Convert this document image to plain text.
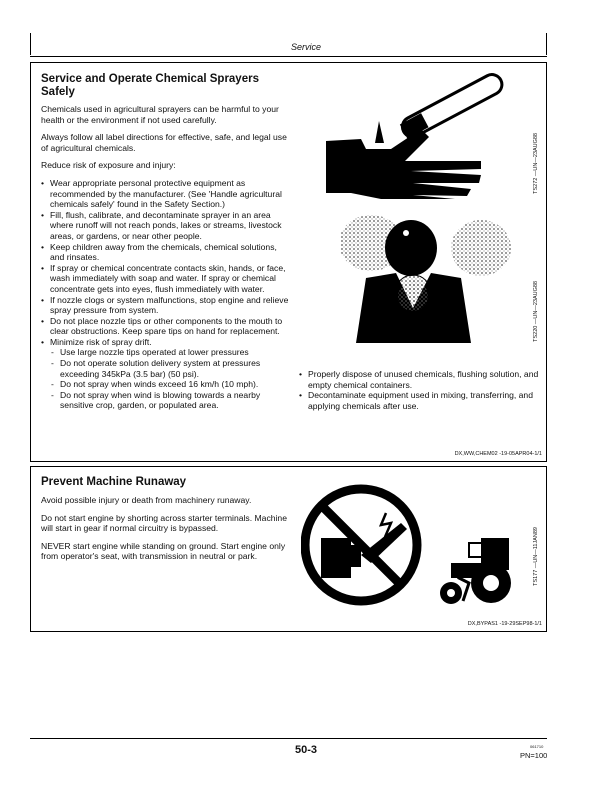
Service
Service and Operate Chemical Sprayers
Safely

Chemicals used in agricultural sprayers can be harmful to your health or the environment if not used carefully.

Always follow all label directions for effective, safe, and legal use of agricultural chemicals.

Reduce risk of exposure and injury:

• Wear appropriate personal protective equipment as recommended by the manufacturer. (See 'Handle agricultural chemicals safely' found in the Safety Section.)
• Fill, flush, calibrate, and decontaminate sprayer in an area where runoff will not reach ponds, lakes or streams, livestock areas, or gardens, or near other people.
• Keep children away from the chemicals, chemical solutions, and rinsates.
• If spray or chemical concentrate contacts skin, hands, or face, wash immediately with soap and water. If spray or chemical concentrate gets into eyes, flush immediately with water.
• If nozzle clogs or system malfunctions, stop engine and relieve spray pressure from system.
• Do not place nozzle tips or other components to the mouth to clear obstructions. Keep spare tips on hand for replacement.
• Minimize risk of spray drift.
- Use large nozzle tips operated at lower pressures
- Do not operate solution delivery system at pressures exceeding 345kPa (3.5 bar) (50 psi).
- Do not spray when winds exceed 16 km/h (10 mph).
- Do not spray when wind is blowing towards a nearby sensitive crop, garden, or populated area.
TS272 —UN—23AUG88
TS220 —UN—23AUG88
• Properly dispose of unused chemicals, flushing solution, and empty chemical containers.
• Decontaminate equipment used in mixing, transferring, and applying chemicals after use.
DX,WW,CHEM02 -19-05APR04-1/1
Prevent Machine Runaway

Avoid possible injury or death from machinery runaway.

Do not start engine by shorting across starter terminals. Machine will start in gear if normal circuitry is bypassed.

NEVER start engine while standing on ground. Start engine only from operator's seat, with transmission in neutral or park.	TS177 —UN—11JAN89
DX,BYPAS1 -19-29SEP98-1/1
50-3	061710
PN=100
